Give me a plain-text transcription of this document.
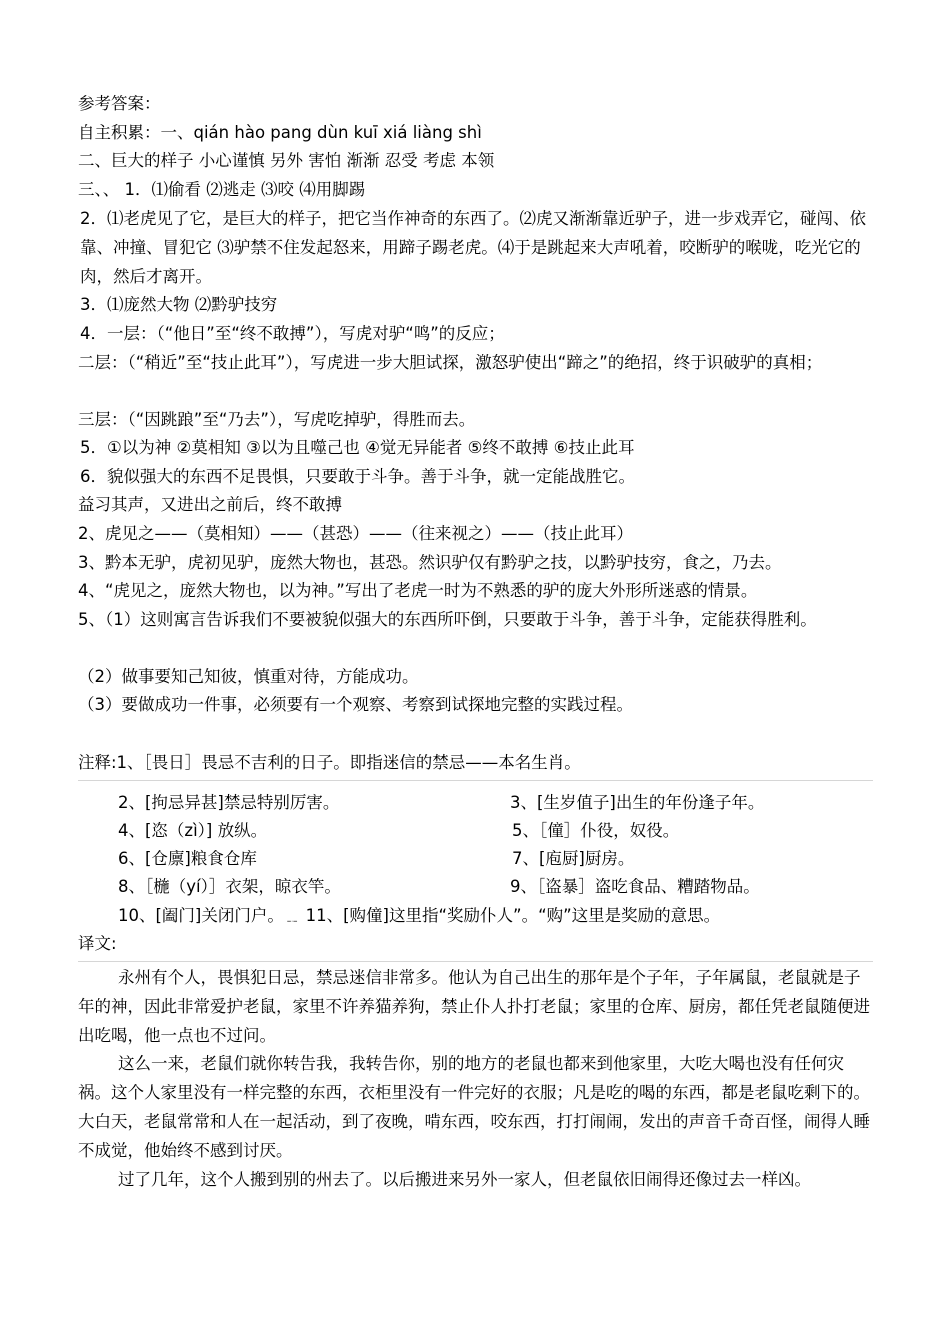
参考答案：
自主积累：一、qián hào pang dùn kuī xiá liàng shì
二、巨大的样子 小心谨慎 另外 害怕 渐渐 忍受 考虑 本领
三、、 1．⑴偷看 ⑵逃走 ⑶咬 ⑷用脚踢
2．⑴老虎见了它，是巨大的样子，把它当作神奇的东西了。⑵虎又渐渐靠近驴子，进一步戏弄它，碰闯、依靠、冲撞、冒犯它 ⑶驴禁不住发起怒来，用蹄子踢老虎。⑷于是跳起来大声吼着，咬断驴的喉咙，吃光它的肉，然后才离开。
3．⑴庞然大物 ⑵黔驴技穷
4．一层：（“他日”至“终不敢搏”），写虎对驴“鸣”的反应；
二层：（“稍近”至“技止此耳”），写虎进一步大胆试探，激怒驴使出“蹄之”的绝招，终于识破驴的真相；
三层：（“因跳踉”至“乃去”），写虎吃掉驴，得胜而去。
5．①以为神 ②莫相知 ③以为且噬己也 ④觉无异能者 ⑤终不敢搏 ⑥技止此耳
6．貌似强大的东西不足畏惧，只要敢于斗争。善于斗争，就一定能战胜它。
益习其声，又进出之前后，终不敢搏
2、虎见之——（莫相知）——（甚恐）——（往来视之）——（技止此耳）
3、黔本无驴，虎初见驴，庞然大物也，甚恐。然识驴仅有黔驴之技，以黔驴技穷，食之，乃去。
4、“虎见之，庞然大物也，以为神。”写出了老虎一时为不熟悉的驴的庞大外形所迷惑的情景。
5、（1）这则寓言告诉我们不要被貌似强大的东西所吓倒，只要敢于斗争，善于斗争，定能获得胜利。
（2）做事要知己知彼，慎重对待，方能成功。
（3）要做成功一件事，必须要有一个观察、考察到试探地完整的实践过程。
注释:1、［畏日］畏忌不吉利的日子。即指迷信的禁忌——本名生肖。
2、[拘忌异甚]禁忌特别厉害。	3、[生岁值子]出生的年份逢子年。
4、[恣（zì）] 放纵。	5、［僮］仆役，奴役。
6、[仓廪]粮食仓库	7、[庖厨]厨房。
8、［椸（yí）］衣架，晾衣竿。	9、［盗暴］盗吃食品、糟踏物品。
10、[阖门]关闭门户。﹎ 11、[购僮]这里指“奖励仆人”。“购”这里是奖励的意思。
译文:
永州有个人，畏惧犯日忌，禁忌迷信非常多。他认为自己出生的那年是个子年，子年属鼠，老鼠就是子年的神，因此非常爱护老鼠，家里不许养猫养狗，禁止仆人扑打老鼠；家里的仓库、厨房，都任凭老鼠随便进出吃喝，他一点也不过问。
这么一来，老鼠们就你转告我，我转告你，别的地方的老鼠也都来到他家里，大吃大喝也没有任何灾祸。这个人家里没有一样完整的东西，衣柜里没有一件完好的衣服；凡是吃的喝的东西，都是老鼠吃剩下的。大白天，老鼠常常和人在一起活动，到了夜晚，啃东西，咬东西，打打闹闹，发出的声音千奇百怪，闹得人睡不成觉，他始终不感到讨厌。
过了几年，这个人搬到别的州去了。以后搬进来另外一家人，但老鼠依旧闹得还像过去一样凶。
